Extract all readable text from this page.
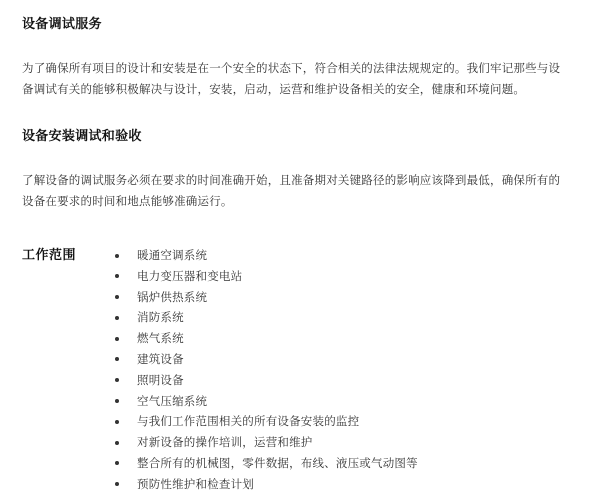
设备调试服务
为了确保所有项目的设计和安装是在一个安全的状态下，符合相关的法律法规规定的。我们牢记那些与设
备调试有关的能够积极解决与设计，安装，启动，运营和维护设备相关的安全，健康和环境问题。
设备安装调试和验收
了解设备的调试服务必须在要求的时间准确开始，且准备期对关键路径的影响应该降到最低，确保所有的
设备在要求的时间和地点能够准确运行。
工作范围	暖通空调系统
电力变压器和变电站
锅炉供热系统
消防系统
燃气系统
建筑设备
照明设备
空气压缩系统
与我们工作范围相关的所有设备安装的监控
对新设备的操作培训，运营和维护
整合所有的机械图，零件数据，布线、液压或气动图等
预防性维护和检查计划
